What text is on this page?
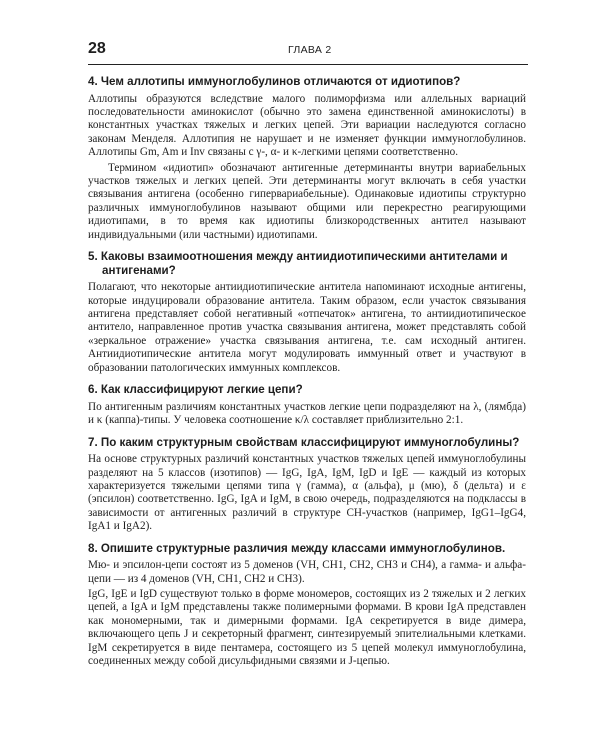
28	ГЛАВА 2
4. Чем аллотипы иммуноглобулинов отличаются от идиотипов?

Аллотипы образуются вследствие малого полиморфизма или аллельных вариаций последовательности аминокислот (обычно это замена единственной аминокислоты) в константных участках тяжелых и легких цепей. Эти вариации наследуются согласно законам Менделя. Аллотипия не нарушает и не изменяет функции иммуноглобулинов. Аллотипы Gm, Am и Inv связаны с γ-, α- и κ-легкими цепями соответственно.

Термином «идиотип» обозначают антигенные детерминанты внутри вариабельных участков тяжелых и легких цепей. Эти детерминанты могут включать в себя участки связывания антигена (особенно гипервариабельные). Одинаковые идиотипы структурно различных иммуноглобулинов называют общими или перекрестно реагирующими идиотипами, в то время как идиотипы близкородственных антител называют индивидуальными (или частными) идиотипами.

5. Каковы взаимоотношения между антиидиотипическими антителами и антигенами?

Полагают, что некоторые антиидиотипические антитела напоминают исходные антигены, которые индуцировали образование антитела. Таким образом, если участок связывания антигена представляет собой негативный «отпечаток» антигена, то антиидиотипическое антитело, направленное против участка связывания антигена, может представлять собой «зеркальное отражение» участка связывания антигена, т.е. сам исходный антиген. Антиидиотипические антитела могут модулировать иммунный ответ и участвуют в образовании патологических иммунных комплексов.

6. Как классифицируют легкие цепи?

По антигенным различиям константных участков легкие цепи подразделяют на λ, (лямбда) и κ (каппа)-типы. У человека соотношение κ/λ составляет приблизительно 2:1.

7. По каким структурным свойствам классифицируют иммуноглобулины?

На основе структурных различий константных участков тяжелых цепей иммуноглобулины разделяют на 5 классов (изотипов) — IgG, IgA, IgM, IgD и IgE — каждый из которых характеризуется тяжелыми цепями типа γ (гамма), α (альфа), μ (мю), δ (дельта) и ε (эпсилон) соответственно. IgG, IgA и IgM, в свою очередь, подразделяются на подклассы в зависимости от антигенных различий в структуре CH-участков (например, IgG1–IgG4, IgA1 и IgA2).

8. Опишите структурные различия между классами иммуноглобулинов.

Мю- и эпсилон-цепи состоят из 5 доменов (VH, CH1, CH2, CH3 и CH4), а гамма- и альфа-цепи — из 4 доменов (VH, CH1, CH2 и CH3).

IgG, IgE и IgD существуют только в форме мономеров, состоящих из 2 тяжелых и 2 легких цепей, а IgA и IgM представлены также полимерными формами. В крови IgA представлен как мономерными, так и димерными формами. IgA секретируется в виде димера, включающего цепь J и секреторный фрагмент, синтезируемый эпителиальными клетками. IgM секретируется в виде пентамера, состоящего из 5 цепей молекул иммуноглобулина, соединенных между собой дисульфидными связями и J-цепью.
